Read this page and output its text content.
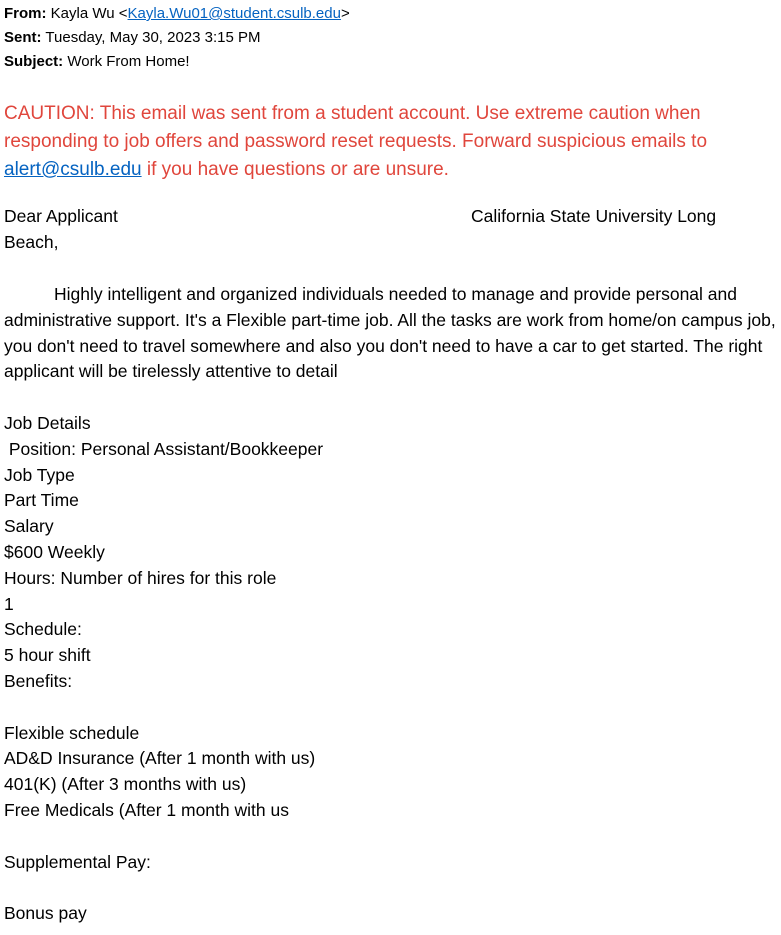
From: Kayla Wu <Kayla.Wu01@student.csulb.edu>

Sent: Tuesday, May 30, 2023 3:15 PM

Subject: Work From Home!

CAUTION: This email was sent from a student account. Use extreme caution when responding to job offers and password reset requests. Forward suspicious emails to alert@csulb.edu if you have questions or are unsure.
Dear Applicant	California State University Long
Beach,
Highly intelligent and organized individuals needed to manage and provide personal and administrative support. It's a Flexible part-time job. All the tasks are work from home/on campus job, you don't need to travel somewhere and also you don't need to have a car to get started. The right applicant will be tirelessly attentive to detail
Job Details
Position: Personal Assistant/Bookkeeper
Job Type
Part Time
Salary
$600 Weekly
Hours: Number of hires for this role
1
Schedule:
5 hour shift
Benefits:
Flexible schedule
AD&D Insurance (After 1 month with us)
401(K) (After 3 months with us)
Free Medicals (After 1 month with us
Supplemental Pay:
Bonus pay
